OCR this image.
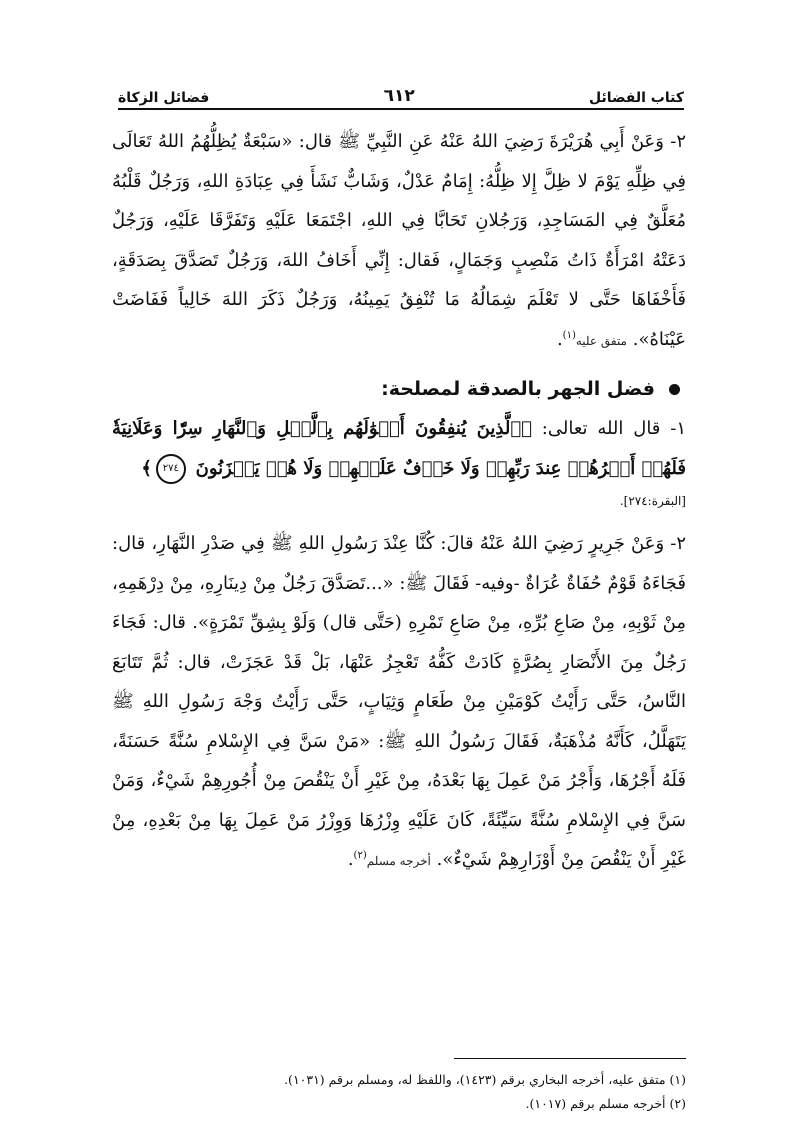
كتاب الفضائل
٦١٢
فضائل الزكاة

٢- وَعَنْ أَبِي هُرَيْرَةَ رَضِيَ اللهُ عَنْهُ عَنِ النَّبِيِّ ﷺ قال: «سَبْعَةٌ يُظِلُّهُمُ اللهُ تَعَالَى فِي ظِلِّهِ يَوْمَ لا ظِلَّ إِلا ظِلُّهُ: إِمَامٌ عَدْلٌ، وَشَابٌّ نَشَأَ فِي عِبَادَةِ اللهِ، وَرَجُلٌ قَلْبُهُ مُعَلَّقٌ فِي المَسَاجِدِ، وَرَجُلانِ تَحَابَّا فِي اللهِ، اجْتَمَعَا عَلَيْهِ وَتَفَرَّقَا عَلَيْهِ، وَرَجُلٌ دَعَتْهُ امْرَأَةٌ ذَاتُ مَنْصِبٍ وَجَمَالٍ، فَقال: إِنِّي أَخَافُ اللهَ، وَرَجُلٌ تَصَدَّقَ بِصَدَقَةٍ، فَأَخْفَاهَا حَتَّى لا تَعْلَمَ شِمَالُهُ مَا تُنْفِقُ يَمِينُهُ، وَرَجُلٌ ذَكَرَ اللهَ خَالِياً فَفَاضَتْ عَيْنَاهُ». متفق عليه$^{(١)}$.

فضل الجهر بالصدقة لمصلحة:

١- قال الله تعالى: ﴿ٱلَّذِينَ يُنفِقُونَ أَمۡوَٰلَهُم بِٱلَّيۡلِ وَٱلنَّهَارِ سِرّٗا وَعَلَانِيَةٗ فَلَهُمۡ أَجۡرُهُمۡ عِندَ رَبِّهِمۡ وَلَا خَوۡفٌ عَلَيۡهِمۡ وَلَا هُمۡ يَحۡزَنُونَ ٢٧٤﴾

[البقرة:٢٧٤].

٢- وَعَنْ جَرِيرٍ رَضِيَ اللهُ عَنْهُ قالَ: كُنَّا عِنْدَ رَسُولِ اللهِ ﷺ فِي صَدْرِ النَّهَارِ، قال: فَجَاءَهُ قَوْمٌ حُفَاةٌ عُرَاةٌ -وفيه- فَقَالَ ﷺ: «...تَصَدَّقَ رَجُلٌ مِنْ دِينَارِهِ، مِنْ دِرْهَمِهِ، مِنْ ثَوْبِهِ، مِنْ صَاعِ بُرِّهِ، مِنْ صَاعِ تَمْرِهِ (حَتَّى قال) وَلَوْ بِشِقِّ تَمْرَةٍ». قال: فَجَاءَ رَجُلٌ مِنَ الأَنْصَارِ بِصُرَّةٍ كَادَتْ كَفُّهُ تَعْجِزُ عَنْهَا، بَلْ قَدْ عَجَزَتْ، قال: ثُمَّ تَتَابَعَ النَّاسُ، حَتَّى رَأَيْتُ كَوْمَيْنِ مِنْ طَعَامٍ وَثِيَابٍ، حَتَّى رَأَيْتُ وَجْهَ رَسُولِ اللهِ ﷺ يَتَهَلَّلُ، كَأَنَّهُ مُذْهَبَةٌ، فَقَالَ رَسُولُ اللهِ ﷺ: «مَنْ سَنَّ فِي الإِسْلامِ سُنَّةً حَسَنَةً، فَلَهُ أَجْرُهَا، وَأَجْرُ مَنْ عَمِلَ بِهَا بَعْدَهُ، مِنْ غَيْرِ أَنْ يَنْقُصَ مِنْ أُجُورِهِمْ شَيْءٌ، وَمَنْ سَنَّ فِي الإِسْلامِ سُنَّةً سَيِّئَةً، كَانَ عَلَيْهِ وِزْرُهَا وَوِزْرُ مَنْ عَمِلَ بِهَا مِنْ بَعْدِهِ، مِنْ غَيْرِ أَنْ يَنْقُصَ مِنْ أَوْزَارِهِمْ شَيْءٌ». أخرجه مسلم$^{(٢)}$.

(١) متفق عليه، أخرجه البخاري برقم (١٤٢٣)، واللفظ له، ومسلم برقم (١٠٣١).

(٢) أخرجه مسلم برقم (١٠١٧).
